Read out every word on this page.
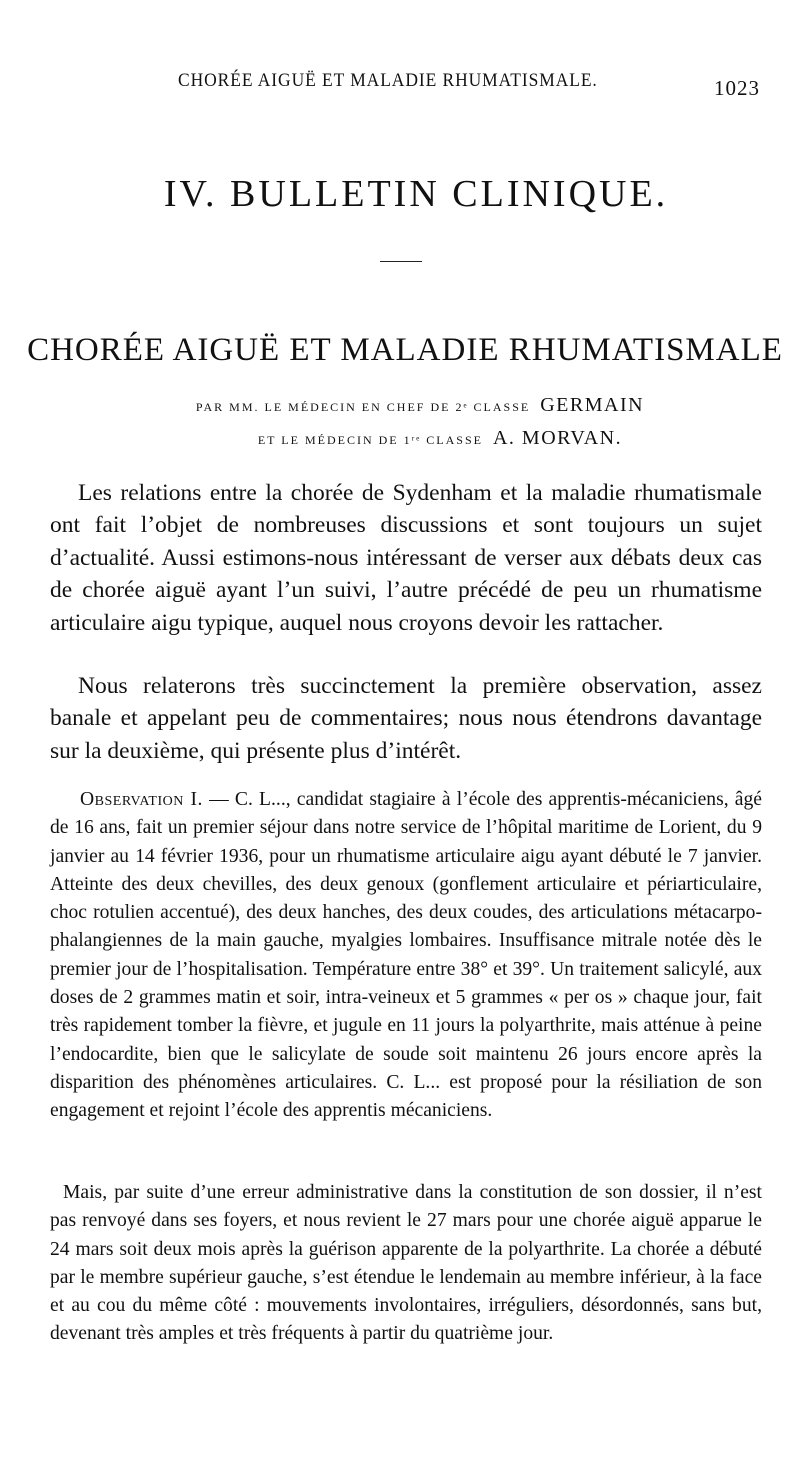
CHORÉE AIGUË ET MALADIE RHUMATISMALE.	1023
IV. BULLETIN CLINIQUE.
CHORÉE AIGUË ET MALADIE RHUMATISMALE
PAR MM. LE MÉDECIN EN CHEF DE 2ᵉ CLASSE GERMAIN
ET LE MÉDECIN DE 1ʳᵉ CLASSE A. MORVAN.

Les relations entre la chorée de Sydenham et la maladie rhumatismale ont fait l’objet de nombreuses discussions et sont toujours un sujet d’actualité. Aussi estimons-nous intéressant de verser aux débats deux cas de chorée aiguë ayant l’un suivi, l’autre précédé de peu un rhumatisme articulaire aigu typique, auquel nous croyons devoir les rattacher.

Nous relaterons très succinctement la première observation, assez banale et appelant peu de commentaires; nous nous étendrons davantage sur la deuxième, qui présente plus d’intérêt.

Observation I. — C. L..., candidat stagiaire à l’école des apprentis-mécaniciens, âgé de 16 ans, fait un premier séjour dans notre service de l’hôpital maritime de Lorient, du 9 janvier au 14 février 1936, pour un rhumatisme articulaire aigu ayant débuté le 7 janvier. Atteinte des deux chevilles, des deux genoux (gonflement articulaire et périarticulaire, choc rotulien accentué), des deux hanches, des deux coudes, des articulations métacarpo-phalangiennes de la main gauche, myalgies lombaires. Insuffisance mitrale notée dès le premier jour de l’hospitalisation. Température entre 38° et 39°. Un traitement salicylé, aux doses de 2 grammes matin et soir, intra-veineux et 5 grammes « per os » chaque jour, fait très rapidement tomber la fièvre, et jugule en 11 jours la polyarthrite, mais atténue à peine l’endocardite, bien que le salicylate de soude soit maintenu 26 jours encore après la disparition des phénomènes articulaires. C. L... est proposé pour la résiliation de son engagement et rejoint l’école des apprentis mécaniciens.

Mais, par suite d’une erreur administrative dans la constitution de son dossier, il n’est pas renvoyé dans ses foyers, et nous revient le 27 mars pour une chorée aiguë apparue le 24 mars soit deux mois après la guérison apparente de la polyarthrite. La chorée a débuté par le membre supérieur gauche, s’est étendue le lendemain au membre inférieur, à la face et au cou du même côté : mouvements involontaires, irréguliers, désordonnés, sans but, devenant très amples et très fréquents à partir du quatrième jour.
